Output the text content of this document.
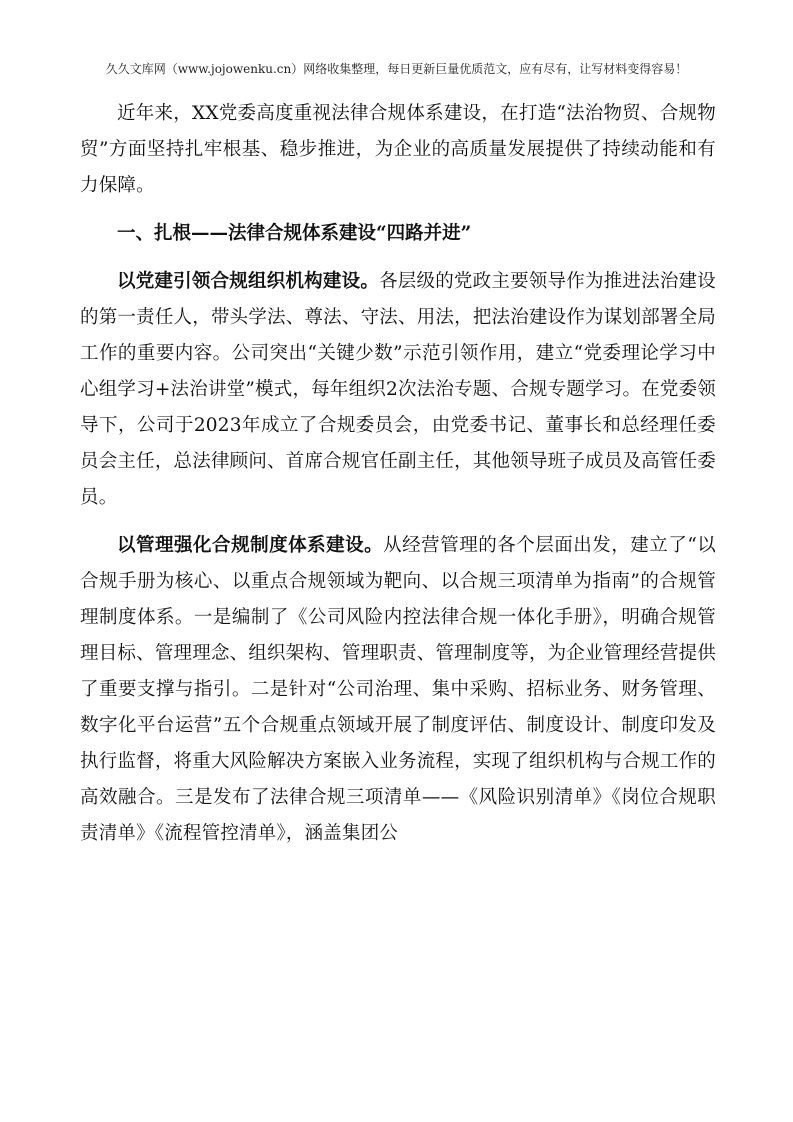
久久文库网（www.jojowenku.cn）网络收集整理，每日更新巨量优质范文，应有尽有，让写材料变得容易！

近年来，XX党委高度重视法律合规体系建设，在打造“法治物贸、合规物贸”方面坚持扎牢根基、稳步推进，为企业的高质量发展提供了持续动能和有力保障。

一、扎根——法律合规体系建设“四路并进”

以党建引领合规组织机构建设。各层级的党政主要领导作为推进法治建设的第一责任人，带头学法、尊法、守法、用法，把法治建设作为谋划部署全局工作的重要内容。公司突出“关键少数”示范引领作用，建立“党委理论学习中心组学习+法治讲堂”模式，每年组织2次法治专题、合规专题学习。在党委领导下，公司于2023年成立了合规委员会，由党委书记、董事长和总经理任委员会主任，总法律顾问、首席合规官任副主任，其他领导班子成员及高管任委员。

以管理强化合规制度体系建设。从经营管理的各个层面出发，建立了“以合规手册为核心、以重点合规领域为靶向、以合规三项清单为指南”的合规管理制度体系。一是编制了《公司风险内控法律合规一体化手册》，明确合规管理目标、管理理念、组织架构、管理职责、管理制度等，为企业管理经营提供了重要支撑与指引。二是针对“公司治理、集中采购、招标业务、财务管理、数字化平台运营”五个合规重点领域开展了制度评估、制度设计、制度印发及执行监督，将重大风险解决方案嵌入业务流程，实现了组织机构与合规工作的高效融合。三是发布了法律合规三项清单——《风险识别清单》《岗位合规职责清单》《流程管控清单》，涵盖集团公
